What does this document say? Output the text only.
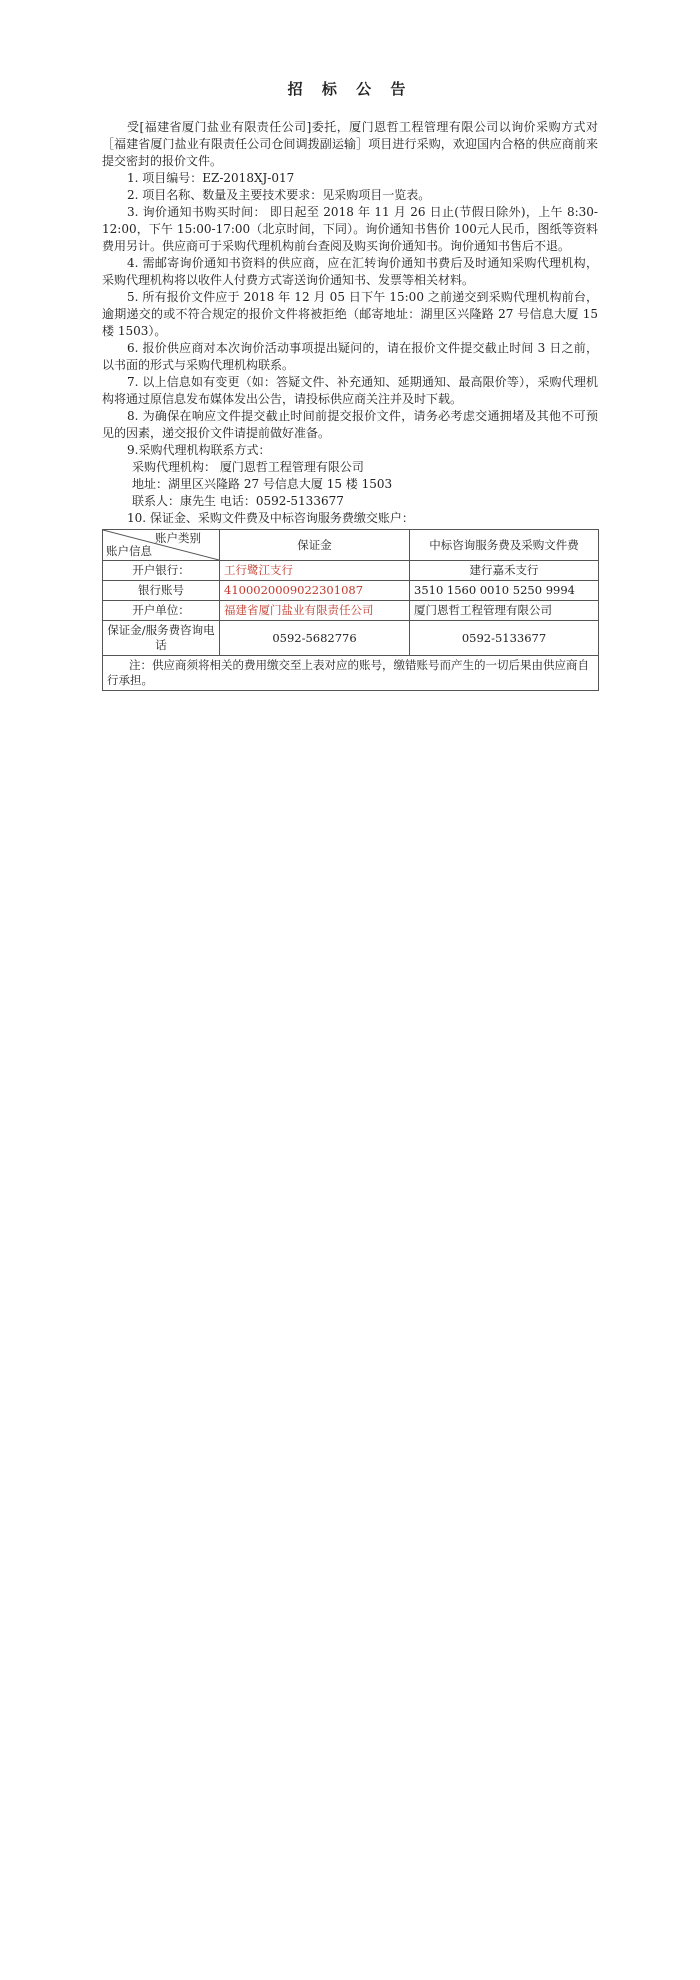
招 标 公 告

受[福建省厦门盐业有限责任公司]委托，厦门恩哲工程管理有限公司以询价采购方式对［福建省厦门盐业有限责任公司仓间调拨副运输］项目进行采购，欢迎国内合格的供应商前来提交密封的报价文件。

1. 项目编号：EZ-2018XJ-017

2. 项目名称、数量及主要技术要求：见采购项目一览表。

3. 询价通知书购买时间： 即日起至 2018 年 11 月 26 日止(节假日除外)，上午 8:30-12:00，下午 15:00-17:00（北京时间，下同）。询价通知书售价 100元人民币，图纸等资料费用另计。供应商可于采购代理机构前台查阅及购买询价通知书。询价通知书售后不退。

4. 需邮寄询价通知书资料的供应商，应在汇转询价通知书费后及时通知采购代理机构，采购代理机构将以收件人付费方式寄送询价通知书、发票等相关材料。

5. 所有报价文件应于 2018 年 12 月 05 日下午 15:00 之前递交到采购代理机构前台，逾期递交的或不符合规定的报价文件将被拒绝（邮寄地址：湖里区兴隆路 27 号信息大厦 15 楼 1503）。

6. 报价供应商对本次询价活动事项提出疑问的，请在报价文件提交截止时间 3 日之前，以书面的形式与采购代理机构联系。

7. 以上信息如有变更（如：答疑文件、补充通知、延期通知、最高限价等），采购代理机构将通过原信息发布媒体发出公告，请投标供应商关注并及时下载。

8. 为确保在响应文件提交截止时间前提交报价文件，请务必考虑交通拥堵及其他不可预见的因素，递交报价文件请提前做好准备。

9.采购代理机构联系方式：

采购代理机构： 厦门恩哲工程管理有限公司

地址：湖里区兴隆路 27 号信息大厦 15 楼 1503

联系人：康先生 电话：0592-5133677

10. 保证金、采购文件费及中标咨询服务费缴交账户：

账户类别
账户信息	保证金	中标咨询服务费及采购文件费
开户银行：	工行鹭江支行	建行嘉禾支行
银行账号	4100020009022301087	3510 1560 0010 5250 9994
开户单位：	福建省厦门盐业有限责任公司	厦门恩哲工程管理有限公司
保证金/服务费咨询电话	0592-5682776	0592-5133677
注：供应商须将相关的费用缴交至上表对应的账号，缴错账号而产生的一切后果由供应商自行承担。		
